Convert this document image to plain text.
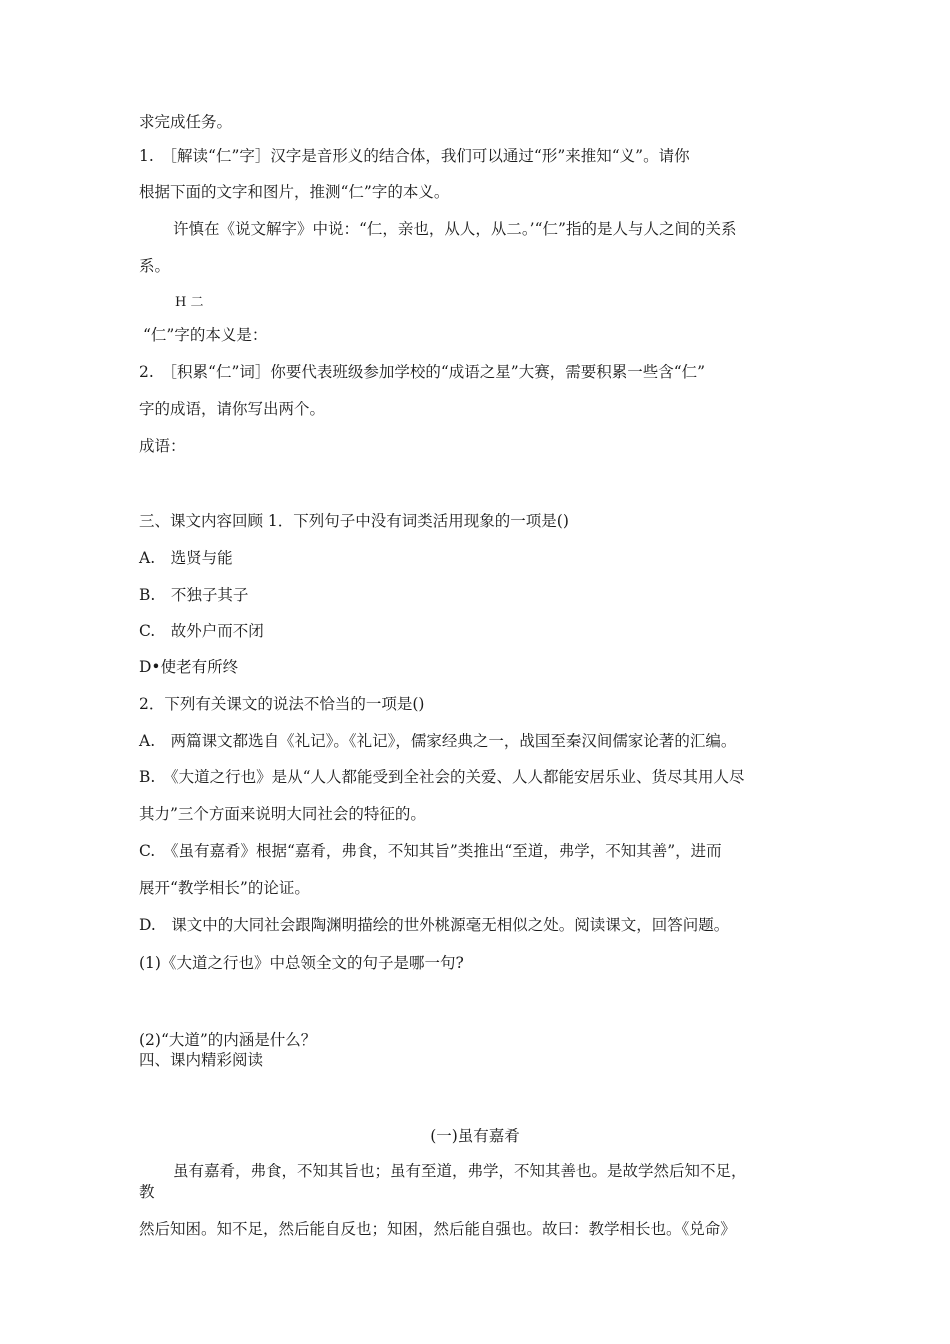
求完成任务。

1.　［解读“仁”字］汉字是音形义的结合体，我们可以通过“形”来推知“义”。请你

根据下面的文字和图片，推测“仁”字的本义。

许慎在《说文解字》中说：“仁，亲也，从人，从二。’“仁”指的是人与人之间的关系

系。

H 二

“仁”字的本义是：

2.　［积累“仁”词］你要代表班级参加学校的“成语之星”大赛，需要积累一些含“仁”

字的成语，请你写出两个。

成语：

三、课文内容回顾 1．下列句子中没有词类活用现象的一项是()

A.　选贤与能

B.　不独子其子

C.　故外户而不闭

D•使老有所终

2．下列有关课文的说法不恰当的一项是()

A.　两篇课文都选自《礼记》。《礼记》，儒家经典之一，战国至秦汉间儒家论著的汇编。

B.　《大道之行也》是从“人人都能受到全社会的关爱、人人都能安居乐业、货尽其用人尽

其力”三个方面来说明大同社会的特征的。

C.　《虽有嘉肴》根据“嘉肴，弗食，不知其旨”类推出“至道，弗学，不知其善”，进而

展开“教学相长”的论证。

D.　课文中的大同社会跟陶渊明描绘的世外桃源毫无相似之处。阅读课文，回答问题。

(1)《大道之行也》中总领全文的句子是哪一句?

(2)“大道”的内涵是什么？

四、课内精彩阅读

(一)虽有嘉肴

虽有嘉肴，弗食，不知其旨也；虽有至道，弗学，不知其善也。是故学然后知不足，

教

然后知困。知不足，然后能自反也；知困，然后能自强也。故曰：教学相长也。《兑命》
